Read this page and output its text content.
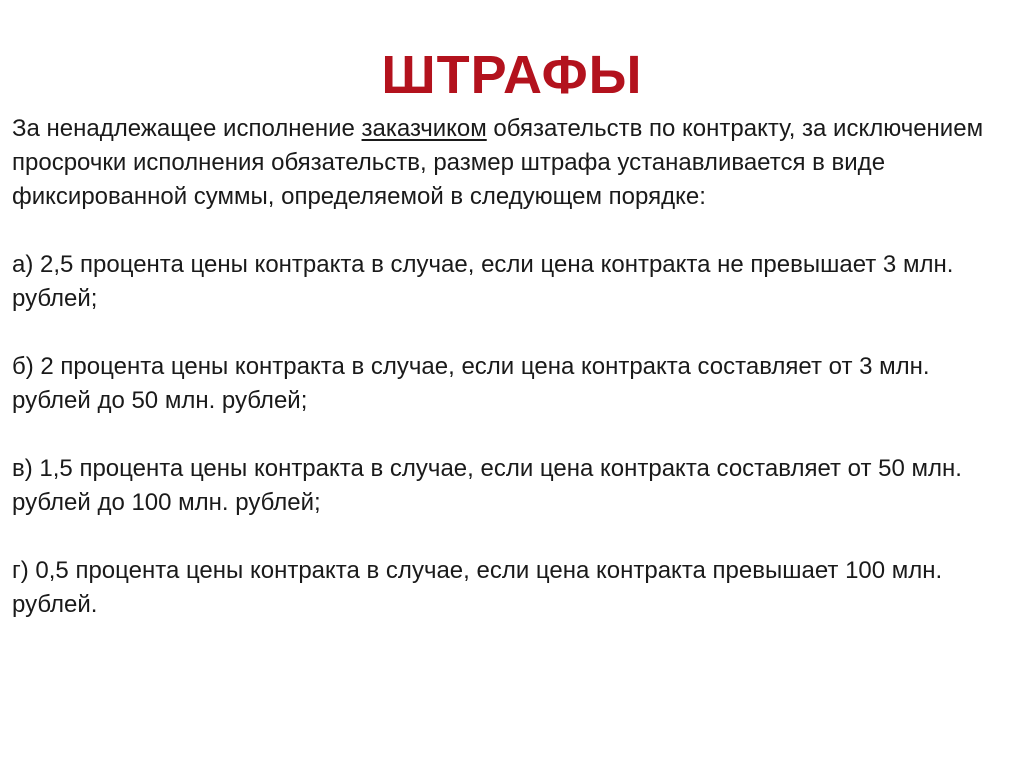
ШТРАФЫ

За ненадлежащее исполнение заказчиком обязательств по контракту, за исключением просрочки исполнения обязательств, размер штрафа устанавливается в виде фиксированной суммы, определяемой в следующем порядке:

а) 2,5 процента цены контракта в случае, если цена контракта не превышает 3 млн. рублей;

б) 2 процента цены контракта в случае, если цена контракта составляет от 3 млн. рублей до 50 млн. рублей;

в) 1,5 процента цены контракта в случае, если цена контракта составляет от 50 млн. рублей до 100 млн. рублей;

г) 0,5 процента цены контракта в случае, если цена контракта превышает 100 млн. рублей.
